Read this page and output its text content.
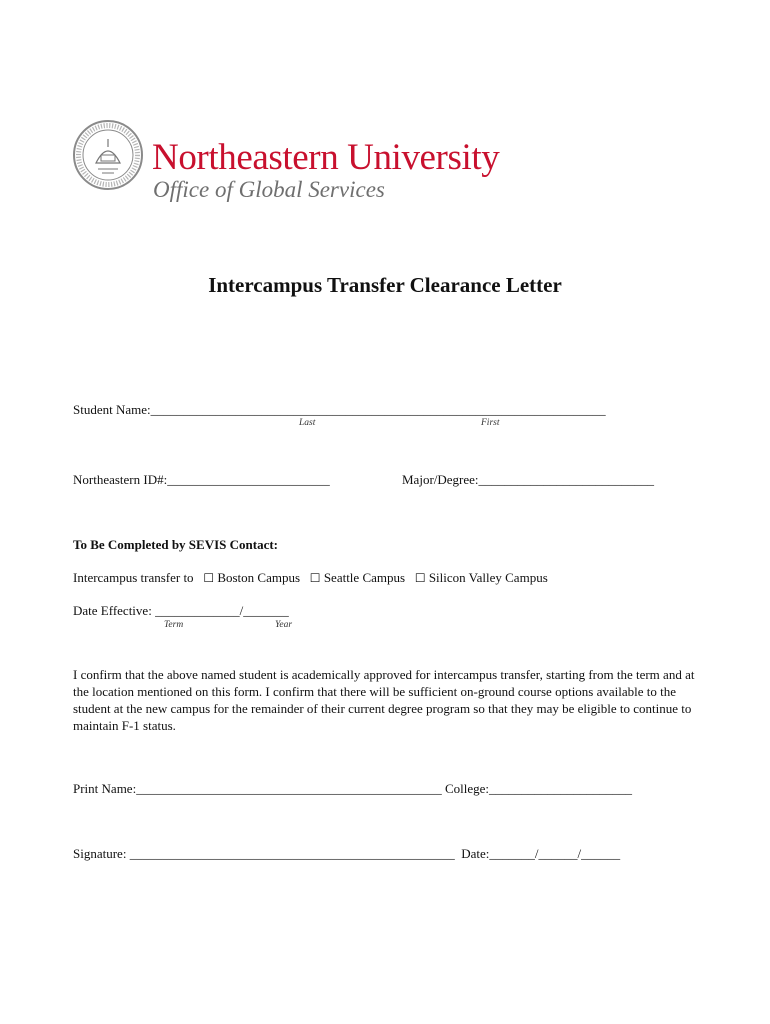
Northeastern University
Office of Global Services
Intercampus Transfer Clearance Letter
Student Name:______________________________________________________________________
Last	First
Northeastern ID#:_________________________	Major/Degree:___________________________
To Be Completed by SEVIS Contact:
Intercampus transfer to ☐ Boston Campus ☐ Seattle Campus ☐ Silicon Valley Campus
Date Effective: _____________/_______
Term	Year
I confirm that the above named student is academically approved for intercampus transfer, starting from the term and at the location mentioned on this form. I confirm that there will be sufficient on-ground course options available to the student at the new campus for the remainder of their current degree program so that they may be eligible to continue to maintain F-1 status.
Print Name:_______________________________________________ College:______________________
Signature: __________________________________________________ Date:_______/______/______
